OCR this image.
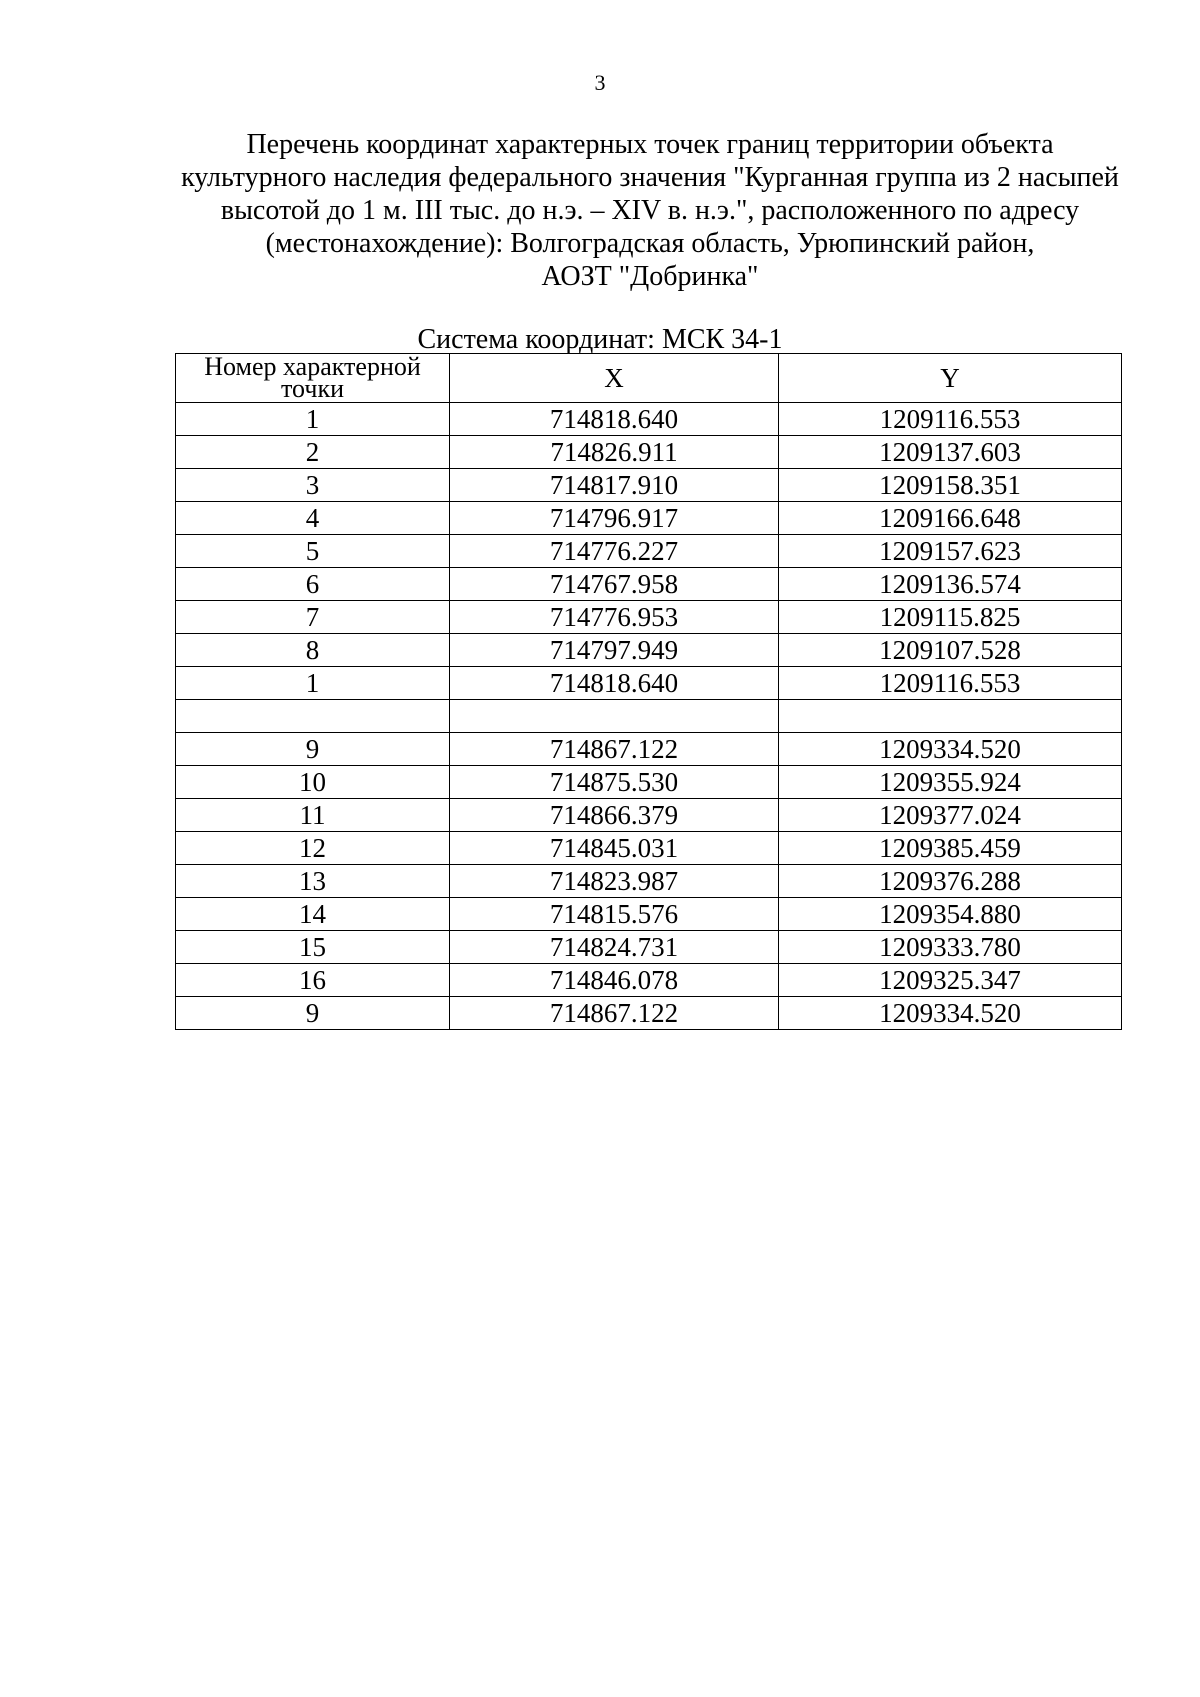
3
Перечень координат характерных точек границ территории объекта
культурного наследия федерального значения "Курганная группа из 2 насыпей
высотой до 1 м. III тыс. до н.э. – XIV в. н.э.", расположенного по адресу
(местонахождение): Волгоградская область, Урюпинский район,
АОЗТ "Добринка"
Система координат: МСК 34-1
Номер характерной точки	X	Y
1	714818.640	1209116.553
2	714826.911	1209137.603
3	714817.910	1209158.351
4	714796.917	1209166.648
5	714776.227	1209157.623
6	714767.958	1209136.574
7	714776.953	1209115.825
8	714797.949	1209107.528
1	714818.640	1209116.553

9	714867.122	1209334.520
10	714875.530	1209355.924
11	714866.379	1209377.024
12	714845.031	1209385.459
13	714823.987	1209376.288
14	714815.576	1209354.880
15	714824.731	1209333.780
16	714846.078	1209325.347
9	714867.122	1209334.520
